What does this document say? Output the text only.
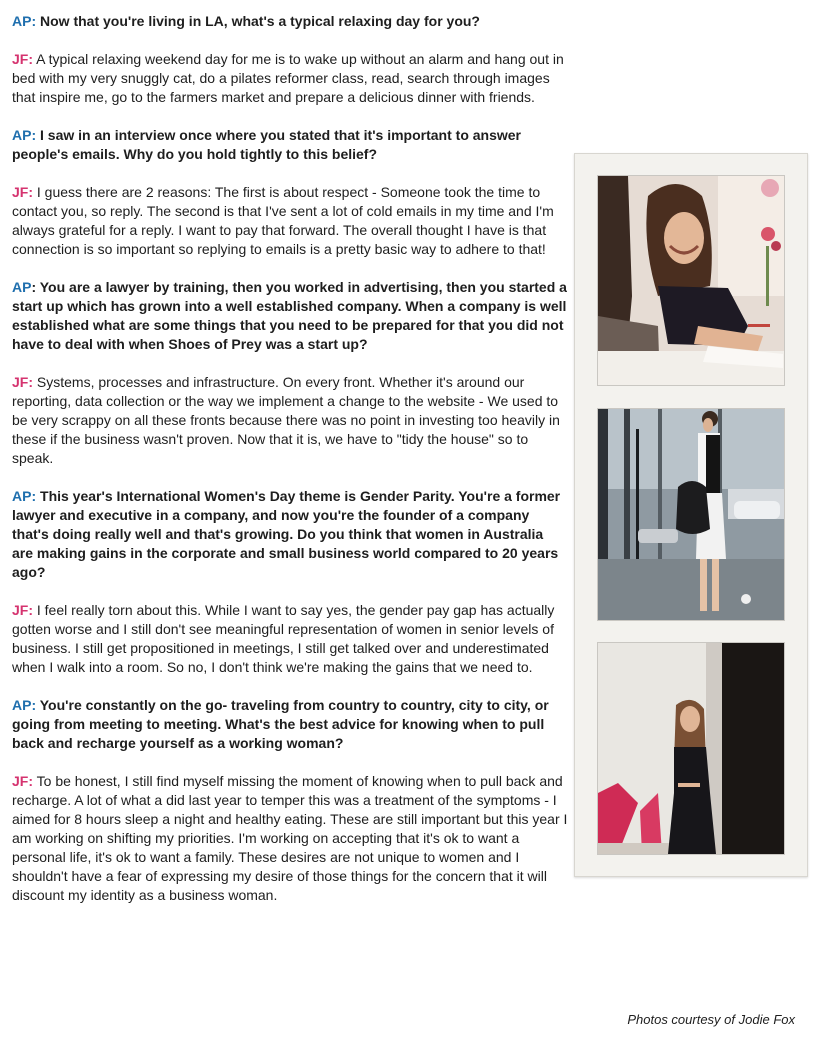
AP: Now that you're living in LA, what's a typical relaxing day for you?

JF: A typical relaxing weekend day for me is to wake up without an alarm and hang out in bed with my very snuggly cat, do a pilates reformer class, read, search through images that inspire me, go to the farmers market and prepare a delicious dinner with friends.

AP: I saw in an interview once where you stated that it's important to answer people's emails. Why do you hold tightly to this belief?

JF: I guess there are 2 reasons: The first is about respect - Someone took the time to contact you, so reply. The second is that I've sent a lot of cold emails in my time and I'm always grateful for a reply. I want to pay that forward. The overall thought I have is that connection is so important so replying to emails is a pretty basic way to adhere to that!

AP: You are a lawyer by training, then you worked in advertising, then you started a start up which has grown into a well established company. When a company is well established what are some things that you need to be prepared for that you did not have to deal with when Shoes of Prey was a start up?

JF: Systems, processes and infrastructure. On every front. Whether it's around our reporting, data collection or the way we implement a change to the website - We used to be very scrappy on all these fronts because there was no point in investing too heavily in these if the business wasn't proven. Now that it is, we have to "tidy the house" so to speak.

AP: This year's International Women's Day theme is Gender Parity. You're a former lawyer and executive in a company, and now you're the founder of a company that's doing really well and that's growing. Do you think that women in Australia are making gains in the corporate and small business world compared to 20 years ago?

JF: I feel really torn about this. While I want to say yes, the gender pay gap has actually gotten worse and I still don't see meaningful representation of women in senior levels of business. I still get propositioned in meetings, I still get talked over and underestimated when I walk into a room. So no, I don't think we're making the gains that we need to.

AP: You're constantly on the go- traveling from country to country, city to city, or going from meeting to meeting. What's the best advice for knowing when to pull back and recharge yourself as a working woman?

JF: To be honest, I still find myself missing the moment of knowing when to pull back and recharge. A lot of what a did last year to temper this was a treatment of the symptoms - I aimed for 8 hours sleep a night and healthy eating. These are still important but this year I am working on shifting my priorities. I'm working on accepting that it's ok to want a personal life, it's ok to want a family. These desires are not unique to women and I shouldn't have a fear of expressing my desire of those things for the concern that it will discount my identity as a business woman.

Photos courtesy of Jodie Fox
